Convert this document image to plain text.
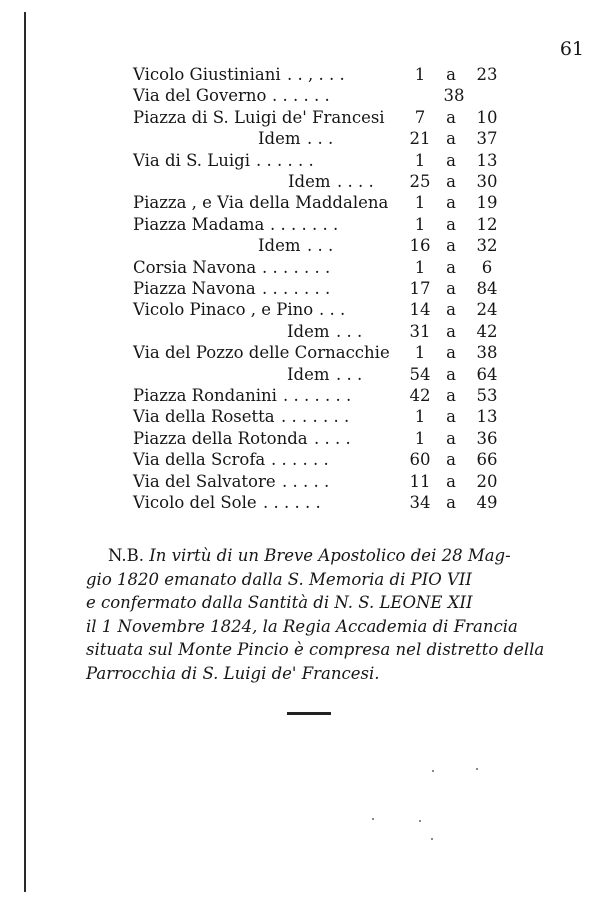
61
Vicolo Giustiniani . . , . . .	1	a	23
Via del Governo . . . . . .	38
Piazza di S. Luigi de' Francesi	7	a	10
Idem . . .	21 a	37
Via di S. Luigi . . . . . .	1	a	13
Idem . . . .	25 a	30
Piazza , e Via della Maddalena	1	a	19
Piazza Madama . . . . . . .	1	a	12
Idem . . .	16 a	32
Corsia Navona . . . . . . .	1	a	6
Piazza Navona . . . . . . .	17 a	84
Vicolo Pinaco , e Pino . . .	14 a	24
Idem . . .	31 a	42
Via del Pozzo delle Cornacchie	1	a	38
Idem . . .	54 a	64
Piazza Rondanini . . . . . . .	42 a	53
Via della Rosetta . . . . . . .	1	a	13
Piazza della Rotonda . . . .	1	a	36
Via della Scrofa . . . . . .	60 a	66
Via del Salvatore . . . . .	11 a	20
Vicolo del Sole . . . . . .	34 a	49
N.B. In virtù di un Breve Apostolico dei 28 Mag-
gio 1820 emanato dalla S. Memoria di PIO VII
e confermato dalla Santità di N. S. LEONE XII
il 1 Novembre 1824, la Regia Accademia di Francia
situata sul Monte Pincio è compresa nel distretto della
Parrocchia di S. Luigi de' Francesi.
